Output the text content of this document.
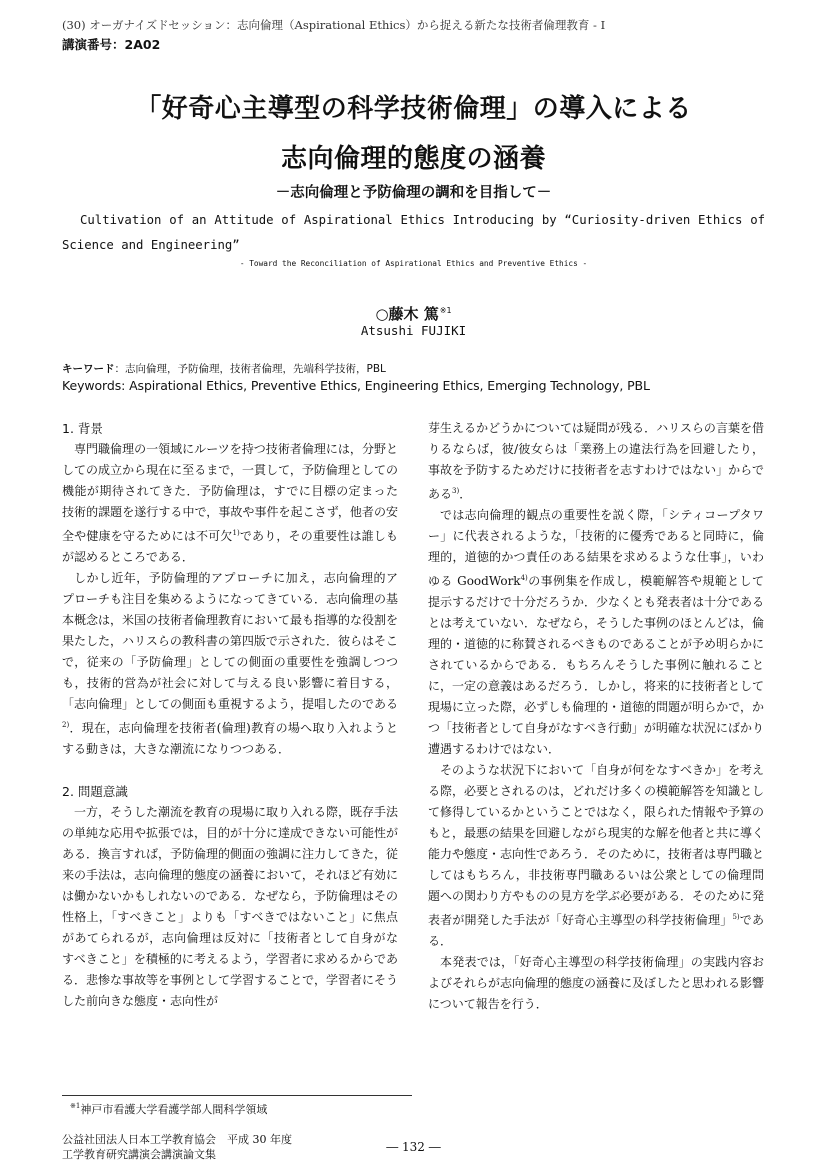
(30) オーガナイズドセッション：志向倫理（Aspirational Ethics）から捉える新たな技術者倫理教育 - I
講演番号：2A02
「好奇心主導型の科学技術倫理」の導入による
志向倫理的態度の涵養
－志向倫理と予防倫理の調和を目指して－
Cultivation of an Attitude of Aspirational Ethics Introducing by “Curiosity-driven Ethics of Science and Engineering”
- Toward the Reconciliation of Aspirational Ethics and Preventive Ethics -
○藤木 篤$^{※1}$
Atsushi FUJIKI
キーワード：志向倫理，予防倫理，技術者倫理，先端科学技術，PBL
Keywords: Aspirational Ethics, Preventive Ethics, Engineering Ethics, Emerging Technology, PBL
1. 背景

専門職倫理の一領域にルーツを持つ技術者倫理には，分野としての成立から現在に至るまで，一貫して，予防倫理としての機能が期待されてきた．予防倫理は，すでに目標の定まった技術的課題を遂行する中で，事故や事件を起こさず，他者の安全や健康を守るためには不可欠$^{1)}$であり，その重要性は誰しもが認めるところである．

しかし近年，予防倫理的アプローチに加え，志向倫理的アプローチも注目を集めるようになってきている．志向倫理の基本概念は，米国の技術者倫理教育において最も指導的な役割を果たした，ハリスらの教科書の第四版で示された．彼らはそこで，従来の「予防倫理」としての側面の重要性を強調しつつも，技術的営為が社会に対して与える良い影響に着目する，「志向倫理」としての側面も重視するよう，提唱したのである$^{2)}$．現在，志向倫理を技術者(倫理)教育の場へ取り入れようとする動きは，大きな潮流になりつつある．

2. 問題意識

一方，そうした潮流を教育の現場に取り入れる際，既存手法の単純な応用や拡張では，目的が十分に達成できない可能性がある．換言すれば，予防倫理的側面の強調に注力してきた，従来の手法は，志向倫理的態度の涵養において，それほど有効には働かないかもしれないのである．なぜなら，予防倫理はその性格上，「すべきこと」よりも「すべきではないこと」に焦点があてられるが，志向倫理は反対に「技術者として自身がなすべきこと」を積極的に考えるよう，学習者に求めるからである．悲惨な事故等を事例として学習することで，学習者にそうした前向きな態度・志向性が

芽生えるかどうかについては疑問が残る．ハリスらの言葉を借りるならば，彼/彼女らは「業務上の違法行為を回避したり，事故を予防するためだけに技術者を志すわけではない」からである$^{3)}$．

では志向倫理的観点の重要性を説く際，「シティコープタワー」に代表されるような，「技術的に優秀であると同時に，倫理的，道徳的かつ責任のある結果を求めるような仕事」，いわゆる GoodWork$^{4)}$の事例集を作成し，模範解答や規範として提示するだけで十分だろうか．少なくとも発表者は十分であるとは考えていない．なぜなら，そうした事例のほとんどは，倫理的・道徳的に称賛されるべきものであることが予め明らかにされているからである．もちろんそうした事例に触れることに，一定の意義はあるだろう．しかし，将来的に技術者として現場に立った際，必ずしも倫理的・道徳的問題が明らかで，かつ「技術者として自身がなすべき行動」が明確な状況にばかり遭遇するわけではない．

そのような状況下において「自身が何をなすべきか」を考える際，必要とされるのは，どれだけ多くの模範解答を知識として修得しているかということではなく，限られた情報や予算のもと，最悪の結果を回避しながら現実的な解を他者と共に導く能力や態度・志向性であろう．そのために，技術者は専門職としてはもちろん，非技術専門職あるいは公衆としての倫理問題への関わり方やものの見方を学ぶ必要がある．そのために発表者が開発した手法が「好奇心主導型の科学技術倫理」$^{5)}$である．

本発表では，「好奇心主導型の科学技術倫理」の実践内容およびそれらが志向倫理的態度の涵養に及ぼしたと思われる影響について報告を行う．

$^{※1}$神戸市看護大学看護学部人間科学領域
公益社団法人日本工学教育協会　平成 30 年度
工学教育研究講演会講演論文集
― 132 ―
